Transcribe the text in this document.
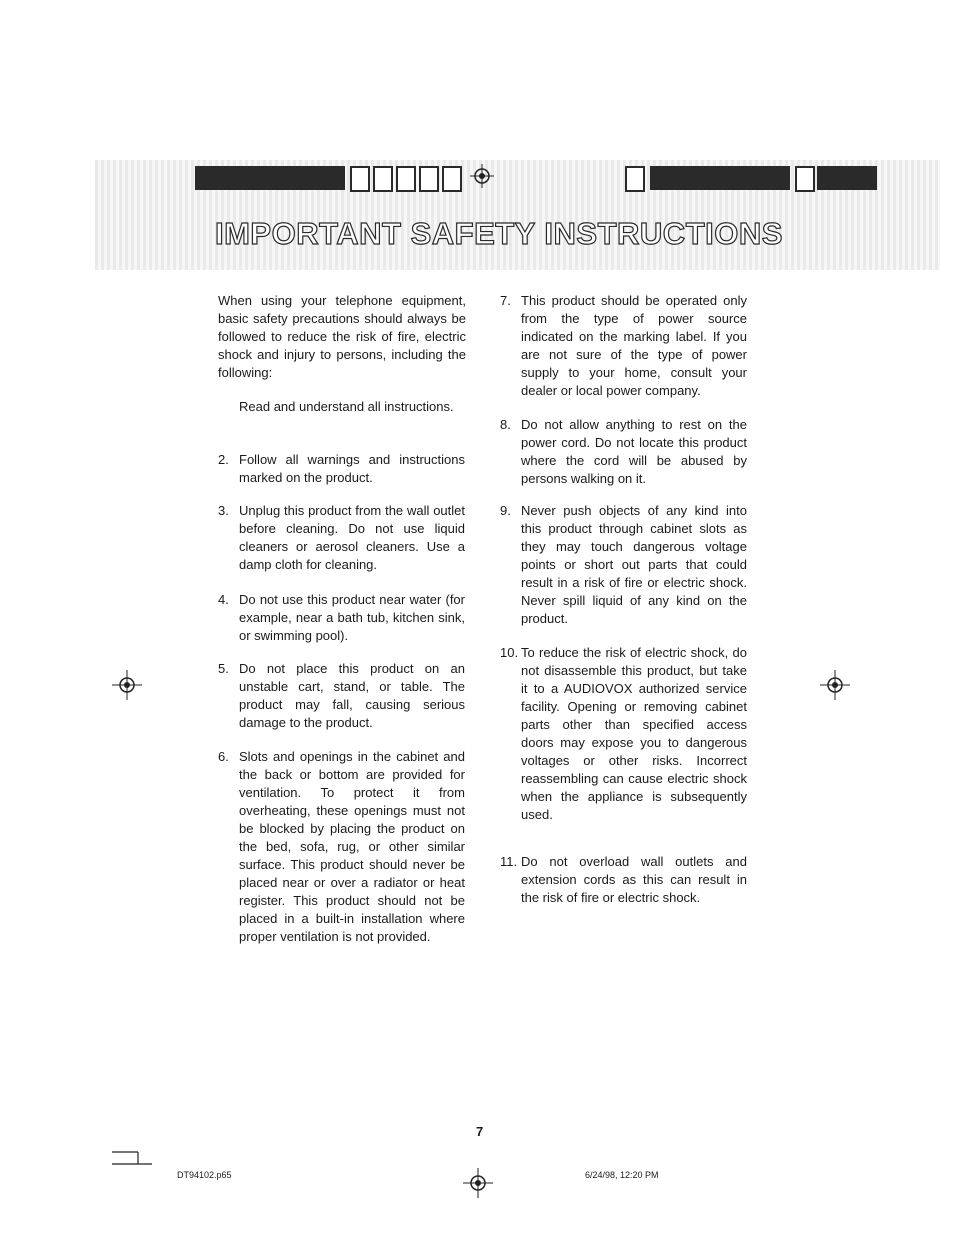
IMPORTANT SAFETY INSTRUCTIONS
When using your telephone equipment, basic safety precautions should always be followed to reduce the risk of fire, electric shock and injury to persons, including the following:
Read and understand all instructions.
2. Follow all warnings and instructions marked on the product.
3. Unplug this product from the wall outlet before cleaning. Do not use liquid cleaners or aerosol cleaners. Use a damp cloth for cleaning.
4. Do not use this product near water (for example, near a bath tub, kitchen sink, or swimming pool).
5. Do not place this product on an unstable cart, stand, or table. The product may fall, causing serious damage to the product.
6. Slots and openings in the cabinet and the back or bottom are provided for ventilation. To protect it from overheating, these openings must not be blocked by placing the product on the bed, sofa, rug, or other similar surface. This product should never be placed near or over a radiator or heat register. This product should not be placed in a built-in installation where proper ventilation is not provided.
7. This product should be operated only from the type of power source indicated on the marking label. If you are not sure of the type of power supply to your home, consult your dealer or local power company.
8. Do not allow anything to rest on the power cord. Do not locate this product where the cord will be abused by persons walking on it.
9. Never push objects of any kind into this product through cabinet slots as they may touch dangerous voltage points or short out parts that could result in a risk of fire or electric shock. Never spill liquid of any kind on the product.
10. To reduce the risk of electric shock, do not disassemble this product, but take it to a AUDIOVOX authorized service facility. Opening or removing cabinet parts other than specified access doors may expose you to dangerous voltages or other risks. Incorrect reassembling can cause electric shock when the appliance is subsequently used.
11. Do not overload wall outlets and extension cords as this can result in the risk of fire or electric shock.
7
DT94102.p65	6/24/98, 12:20 PM
